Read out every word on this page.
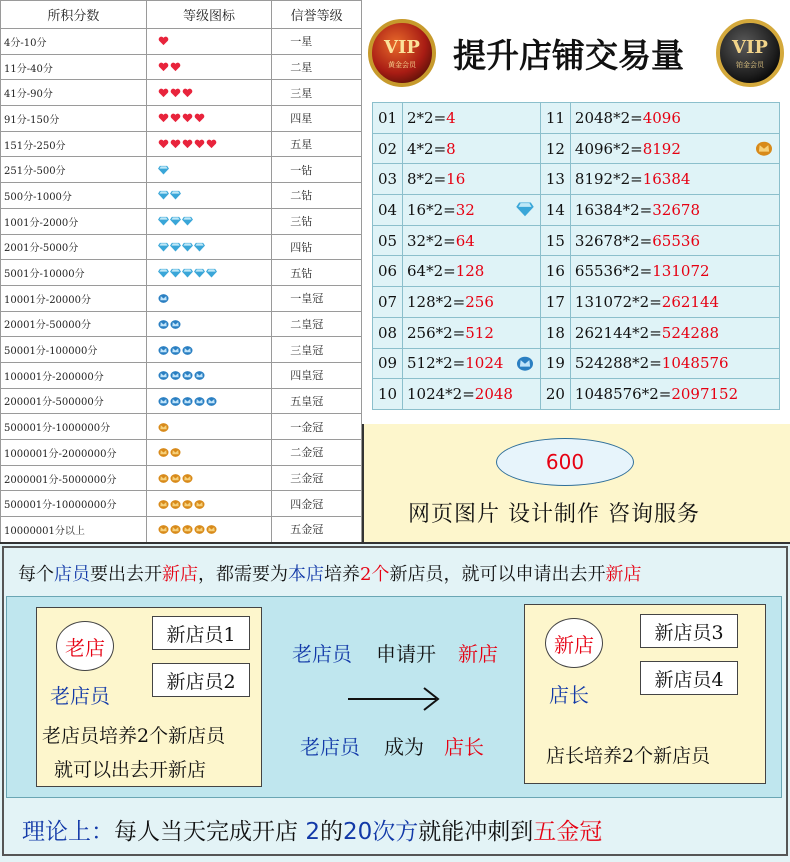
所积分数	等级图标	信誉等级
4分-10分		一星
11分-40分		二星
41分-90分		三星
91分-150分		四星
151分-250分		五星
251分-500分		一钻
500分-1000分		二钻
1001分-2000分		三钻
2001分-5000分		四钻
5001分-10000分		五钻
10001分-20000分		一皇冠
20001分-50000分		二皇冠
50001分-100000分		三皇冠
100001分-200000分		四皇冠
200001分-500000分		五皇冠
500001分-1000000分		一金冠
1000001分-2000000分		二金冠
2000001分-5000000分		三金冠
500001分-10000000分		四金冠
10000001分以上		五金冠
VIP
黄金会员 提升店铺交易量	VIP
铂金会员
01	2*2=4	11	2048*2=4096
02	4*2=8	12	4096*2=8192

03	8*2=16	13	8192*2=16384
04	16*2=32	14	16384*2=32678
05	32*2=64	15	32678*2=65536
06	64*2=128	16	65536*2=131072
07	128*2=256	17	131072*2=262144
08	256*2=512	18	262144*2=524288
09	512*2=1024	19	524288*2=1048576
10	1024*2=2048	20	1048576*2=2097152
600
网页图片 设计制作 咨询服务
每个店员要出去开新店，都需要为本店培养2个新店员，就可以申请出去开新店
老店
新店员1
新店员2
老店员
老店员培养2个新店员
就可以出去开新店
老店员 申请开 新店
老店员 成为 店长
新店	新店员3
新店员4
店长
店长培养2个新店员
理论上：每人当天完成开店 2的20次方就能冲刺到五金冠
